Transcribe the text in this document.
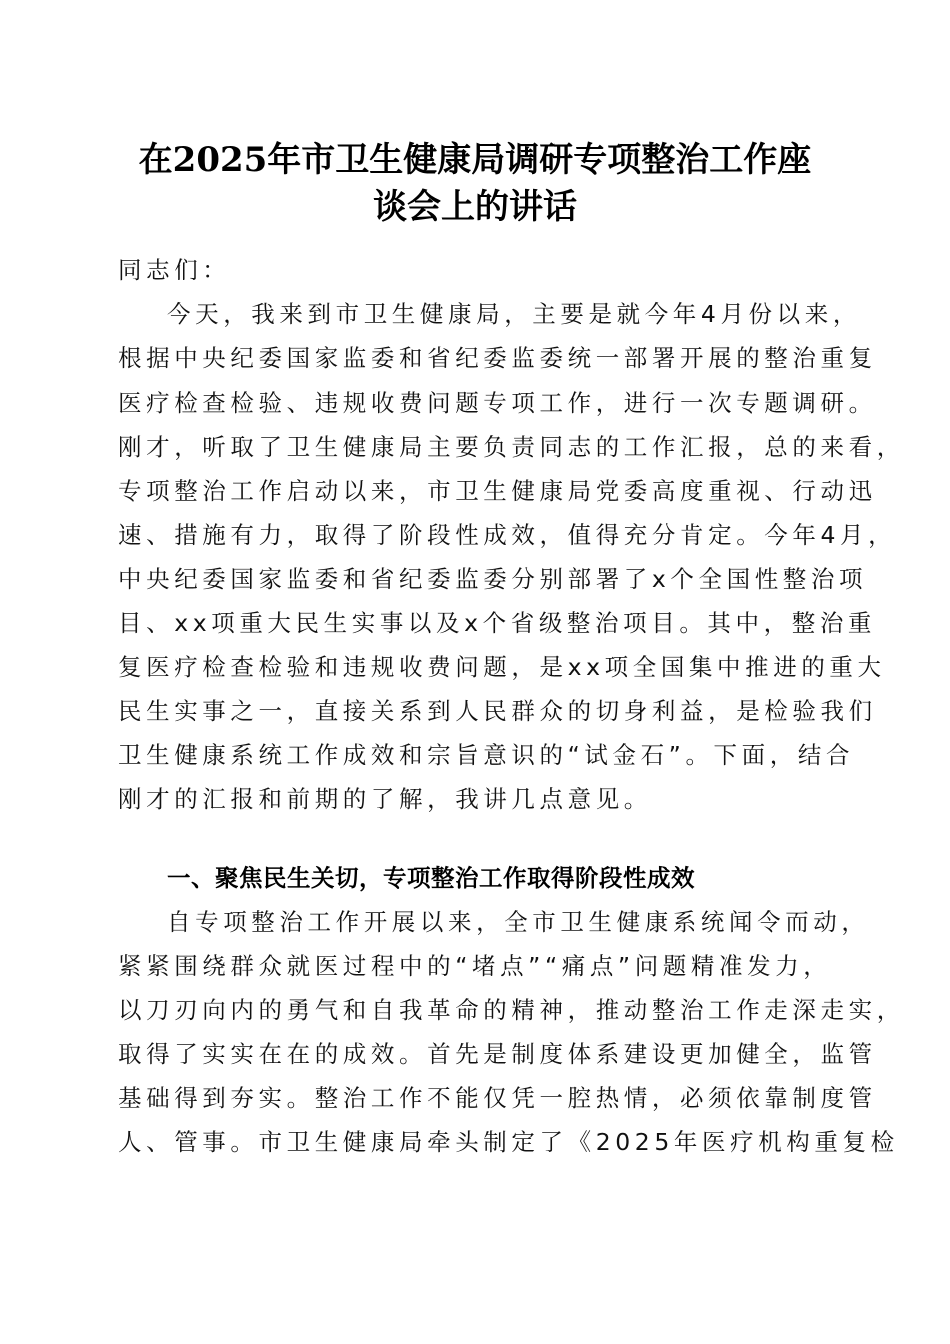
在2025年市卫生健康局调研专项整治工作座
谈会上的讲话
同志们：
今天，我来到市卫生健康局，主要是就今年4月份以来，
根据中央纪委国家监委和省纪委监委统一部署开展的整治重复
医疗检查检验、违规收费问题专项工作，进行一次专题调研。
刚才，听取了卫生健康局主要负责同志的工作汇报，总的来看，
专项整治工作启动以来，市卫生健康局党委高度重视、行动迅
速、措施有力，取得了阶段性成效，值得充分肯定。今年4月，
中央纪委国家监委和省纪委监委分别部署了x个全国性整治项
目、xx项重大民生实事以及x个省级整治项目。其中，整治重
复医疗检查检验和违规收费问题，是xx项全国集中推进的重大
民生实事之一，直接关系到人民群众的切身利益，是检验我们
卫生健康系统工作成效和宗旨意识的“试金石”。下面，结合
刚才的汇报和前期的了解，我讲几点意见。
一、聚焦民生关切，专项整治工作取得阶段性成效
自专项整治工作开展以来，全市卫生健康系统闻令而动，
紧紧围绕群众就医过程中的“堵点”“痛点”问题精准发力，
以刀刃向内的勇气和自我革命的精神，推动整治工作走深走实，
取得了实实在在的成效。首先是制度体系建设更加健全，监管
基础得到夯实。整治工作不能仅凭一腔热情，必须依靠制度管
人、管事。市卫生健康局牵头制定了《2025年医疗机构重复检
